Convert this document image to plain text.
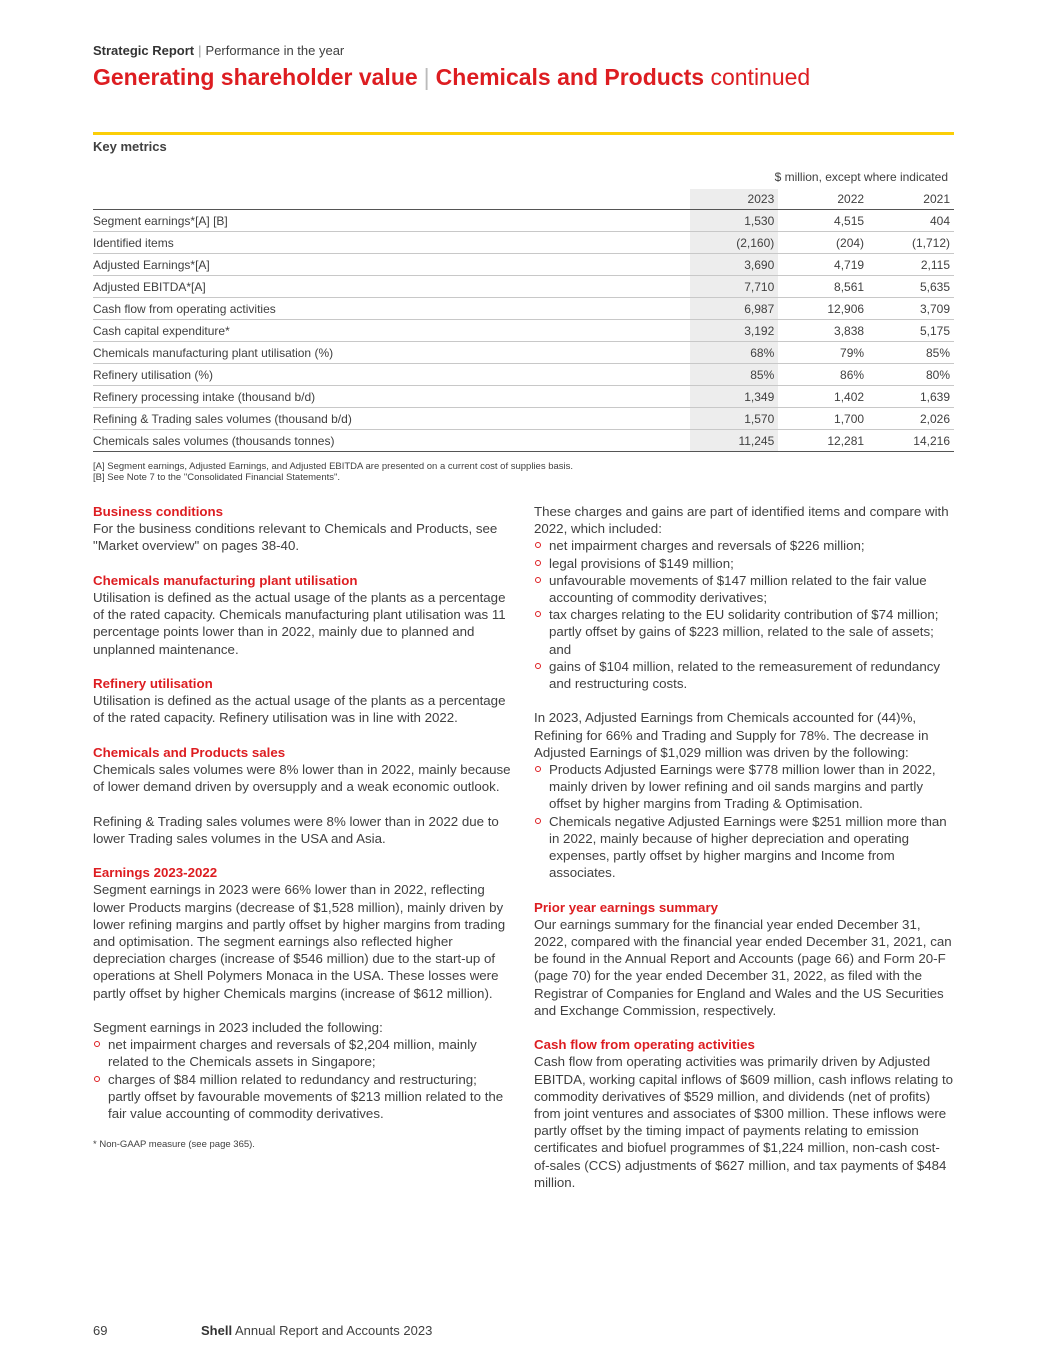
Strategic Report | Performance in the year
Generating shareholder value | Chemicals and Products continued
Key metrics
$ million, except where indicated
	2023	2022	2021
Segment earnings*[A] [B]	1,530	4,515	404
Identified items	(2,160)	(204)	(1,712)
Adjusted Earnings*[A]	3,690	4,719	2,115
Adjusted EBITDA*[A]	7,710	8,561	5,635
Cash flow from operating activities	6,987	12,906	3,709
Cash capital expenditure*	3,192	3,838	5,175
Chemicals manufacturing plant utilisation (%)	68%	79%	85%
Refinery utilisation (%)	85%	86%	80%
Refinery processing intake (thousand b/d)	1,349	1,402	1,639
Refining & Trading sales volumes (thousand b/d)	1,570	1,700	2,026
Chemicals sales volumes (thousands tonnes)	11,245	12,281	14,216
[A] Segment earnings, Adjusted Earnings, and Adjusted EBITDA are presented on a current cost of supplies basis.
[B] See Note 7 to the "Consolidated Financial Statements".
Business conditions
For the business conditions relevant to Chemicals and Products, see "Market overview" on pages 38-40.
Chemicals manufacturing plant utilisation
Utilisation is defined as the actual usage of the plants as a percentage of the rated capacity. Chemicals manufacturing plant utilisation was 11 percentage points lower than in 2022, mainly due to planned and unplanned maintenance.
Refinery utilisation
Utilisation is defined as the actual usage of the plants as a percentage of the rated capacity. Refinery utilisation was in line with 2022.
Chemicals and Products sales

Chemicals sales volumes were 8% lower than in 2022, mainly because of lower demand driven by oversupply and a weak economic outlook.

Refining & Trading sales volumes were 8% lower than in 2022 due to lower Trading sales volumes in the USA and Asia.

Earnings 2023-2022

Segment earnings in 2023 were 66% lower than in 2022, reflecting lower Products margins (decrease of $1,528 million), mainly driven by lower refining margins and partly offset by higher margins from trading and optimisation. The segment earnings also reflected higher depreciation charges (increase of $546 million) due to the start-up of operations at Shell Polymers Monaca in the USA. These losses were partly offset by higher Chemicals margins (increase of $612 million).

Segment earnings in 2023 included the following:
net impairment charges and reversals of $2,204 million, mainly related to the Chemicals assets in Singapore;
charges of $84 million related to redundancy and restructuring; partly offset by favourable movements of $213 million related to the fair value accounting of commodity derivatives.
* Non-GAAP measure (see page 365).
These charges and gains are part of identified items and compare with 2022, which included:
net impairment charges and reversals of $226 million;
legal provisions of $149 million;
unfavourable movements of $147 million related to the fair value accounting of commodity derivatives;
tax charges relating to the EU solidarity contribution of $74 million; partly offset by gains of $223 million, related to the sale of assets; and
gains of $104 million, related to the remeasurement of redundancy and restructuring costs.
In 2023, Adjusted Earnings from Chemicals accounted for (44)%, Refining for 66% and Trading and Supply for 78%. The decrease in Adjusted Earnings of $1,029 million was driven by the following:
Products Adjusted Earnings were $778 million lower than in 2022, mainly driven by lower refining and oil sands margins and partly offset by higher margins from Trading & Optimisation.
Chemicals negative Adjusted Earnings were $251 million more than in 2022, mainly because of higher depreciation and operating expenses, partly offset by higher margins and Income from associates.
Prior year earnings summary
Our earnings summary for the financial year ended December 31, 2022, compared with the financial year ended December 31, 2021, can be found in the Annual Report and Accounts (page 66) and Form 20-F (page 70) for the year ended December 31, 2022, as filed with the Registrar of Companies for England and Wales and the US Securities and Exchange Commission, respectively.
Cash flow from operating activities
Cash flow from operating activities was primarily driven by Adjusted EBITDA, working capital inflows of $609 million, cash inflows relating to commodity derivatives of $529 million, and dividends (net of profits) from joint ventures and associates of $300 million. These inflows were partly offset by the timing impact of payments relating to emission certificates and biofuel programmes of $1,224 million, non-cash cost-of-sales (CCS) adjustments of $627 million, and tax payments of $484 million.
69	Shell Annual Report and Accounts 2023
